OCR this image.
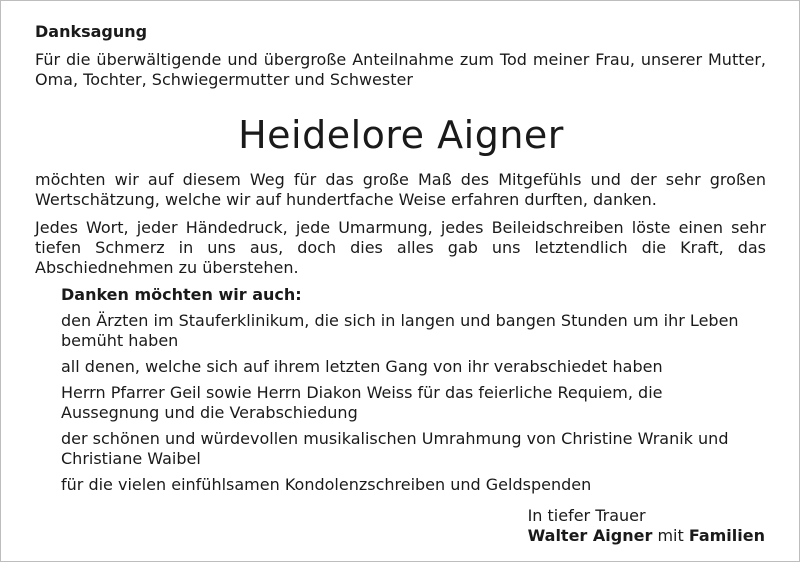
Danksagung
Für die überwältigende und übergroße Anteilnahme zum Tod meiner Frau, unserer Mutter, Oma, Tochter, Schwiegermutter und Schwester
Heidelore Aigner
möchten wir auf diesem Weg für das große Maß des Mitgefühls und der sehr großen Wertschätzung, welche wir auf hundertfache Weise erfahren durften, danken.
Jedes Wort, jeder Händedruck, jede Umarmung, jedes Beileidschreiben löste einen sehr tiefen Schmerz in uns aus, doch dies alles gab uns letztendlich die Kraft, das Abschiednehmen zu überstehen.
Danken möchten wir auch:
den Ärzten im Stauferklinikum, die sich in langen und bangen Stunden um ihr Leben bemüht haben
all denen, welche sich auf ihrem letzten Gang von ihr verabschiedet haben
Herrn Pfarrer Geil sowie Herrn Diakon Weiss für das feierliche Requiem, die Aussegnung und die Verabschiedung
der schönen und würdevollen musikalischen Umrahmung von Christine Wranik und Christiane Waibel
für die vielen einfühlsamen Kondolenzschreiben und Geldspenden
In tiefer Trauer
Walter Aigner mit Familien
